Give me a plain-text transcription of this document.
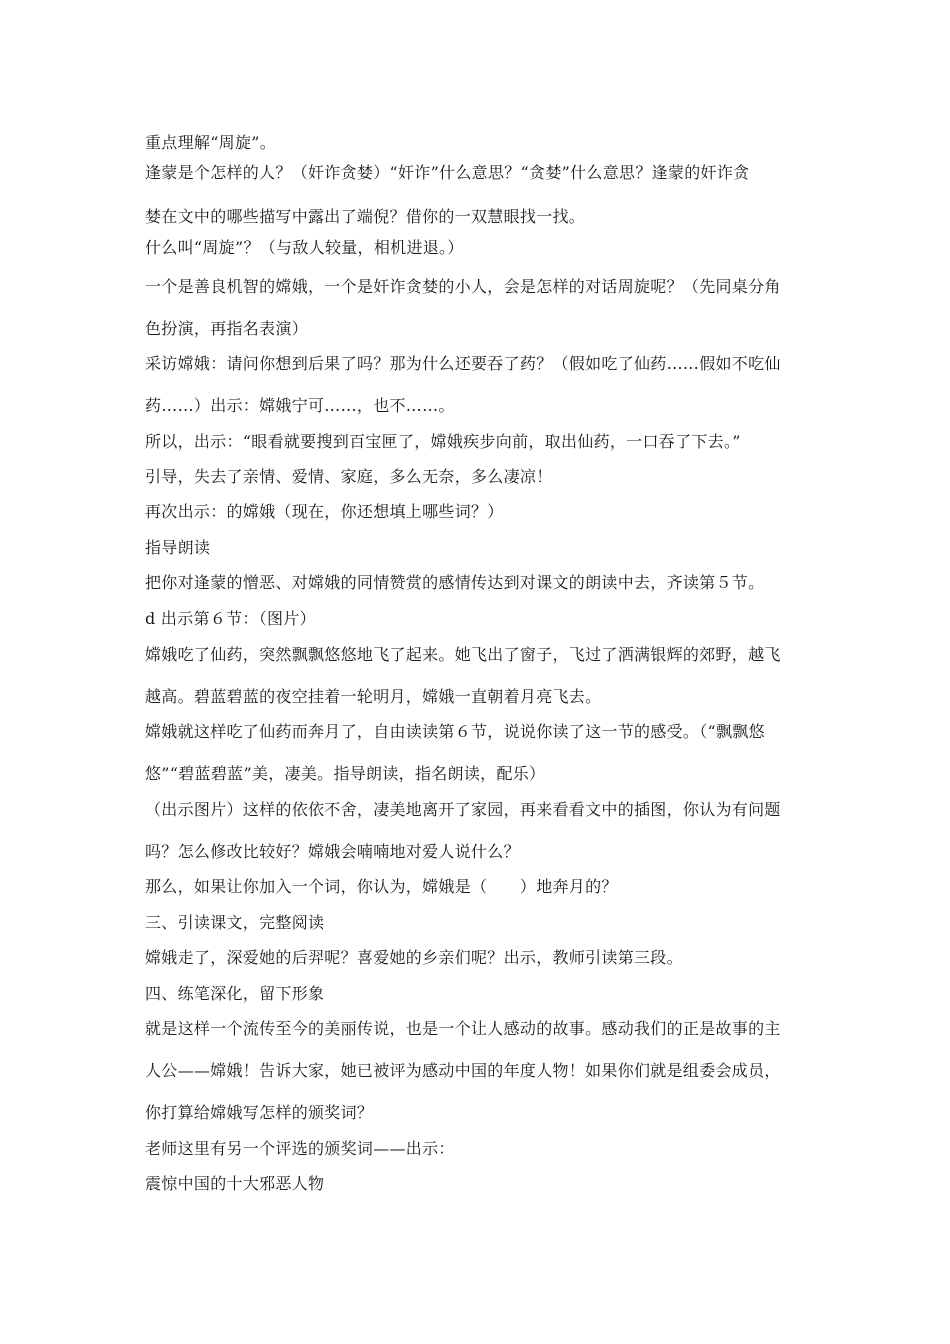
重点理解“周旋”。
逢蒙是个怎样的人？（奸诈贪婪）“奸诈”什么意思？“贪婪”什么意思？逢蒙的奸诈贪
婪在文中的哪些描写中露出了端倪？借你的一双慧眼找一找。
什么叫“周旋”？（与敌人较量，相机进退。）
一个是善良机智的嫦娥，一个是奸诈贪婪的小人，会是怎样的对话周旋呢？（先同桌分角
色扮演，再指名表演）
采访嫦娥：请问你想到后果了吗？那为什么还要吞了药？（假如吃了仙药……假如不吃仙
药……）出示：嫦娥宁可……，也不……。
所以，出示：“眼看就要搜到百宝匣了，嫦娥疾步向前，取出仙药，一口吞了下去。”
引导，失去了亲情、爱情、家庭，多么无奈，多么凄凉！
再次出示：的嫦娥（现在，你还想填上哪些词？）
指导朗读
把你对逢蒙的憎恶、对嫦娥的同情赞赏的感情传达到对课文的朗读中去，齐读第５节。
d 出示第６节：（图片）
嫦娥吃了仙药，突然飘飘悠悠地飞了起来。她飞出了窗子，飞过了洒满银辉的郊野，越飞
越高。碧蓝碧蓝的夜空挂着一轮明月，嫦娥一直朝着月亮飞去。
嫦娥就这样吃了仙药而奔月了，自由读读第６节，说说你读了这一节的感受。（“飘飘悠
悠”“碧蓝碧蓝”美，凄美。指导朗读，指名朗读，配乐）
（出示图片）这样的依依不舍，凄美地离开了家园，再来看看文中的插图，你认为有问题
吗？怎么修改比较好？嫦娥会喃喃地对爱人说什么？
那么，如果让你加入一个词，你认为，嫦娥是（　　）地奔月的？
三、引读课文，完整阅读
嫦娥走了，深爱她的后羿呢？喜爱她的乡亲们呢？出示，教师引读第三段。
四、练笔深化，留下形象
就是这样一个流传至今的美丽传说，也是一个让人感动的故事。感动我们的正是故事的主
人公——嫦娥！告诉大家，她已被评为感动中国的年度人物！如果你们就是组委会成员，
你打算给嫦娥写怎样的颁奖词？
老师这里有另一个评选的颁奖词——出示：
震惊中国的十大邪恶人物
